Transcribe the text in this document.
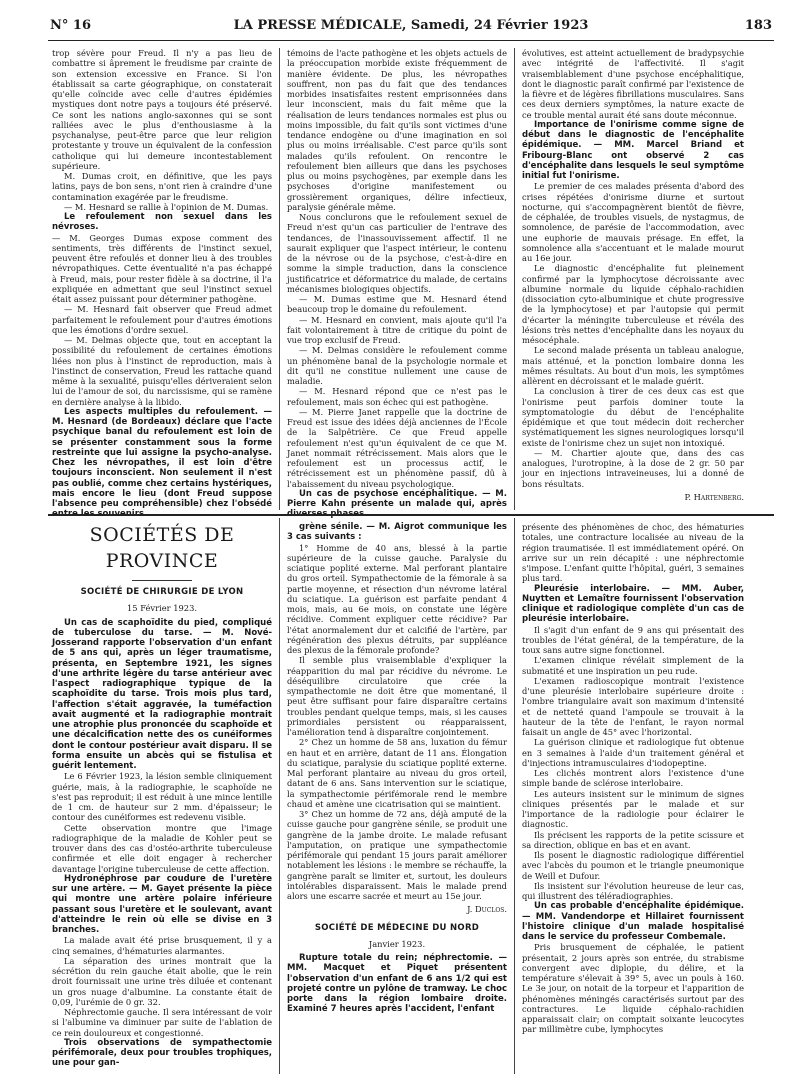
N° 16	LA PRESSE MÉDICALE, Samedi, 24 Février 1923	183

trop sévère pour Freud. Il n'y a pas lieu de combattre si âprement le freudisme par crainte de son extension excessive en France. Si l'on établissait sa carte géographique, on constaterait qu'elle coïncide avec celle d'autres épidémies mystiques dont notre pays a toujours été préservé. Ce sont les nations anglo-saxonnes qui se sont ralliées avec le plus d'enthousiasme à la psychanalyse, peut-être parce que leur religion protestante y trouve un équivalent de la confession catholique qui lui demeure incontestablement supérieure.

M. Dumas croit, en définitive, que les pays latins, pays de bon sens, n'ont rien à craindre d'une contamination exagérée par le freudisme.

— M. Hesnard se rallie à l'opinion de M. Dumas.

Le refoulement non sexuel dans les névroses.

— M. Georges Dumas expose comment des sentiments, très différents de l'instinct sexuel, peuvent être refoulés et donner lieu à des troubles névropathiques. Cette éventualité n'a pas échappé à Freud, mais, pour rester fidèle à sa doctrine, il l'a expliquée en admettant que seul l'instinct sexuel était assez puissant pour déterminer pathogène.

— M. Hesnard fait observer que Freud admet parfaitement le refoulement pour d'autres émotions que les émotions d'ordre sexuel.

— M. Delmas objecte que, tout en acceptant la possibilité du refoulement de certaines émotions liées non plus à l'instinct de reproduction, mais à l'instinct de conservation, Freud les rattache quand même à la sexualité, puisqu'elles dériveraient selon lui de l'amour de soi, du narcissisme, qui se ramène en dernière analyse à la libido.

Les aspects multiples du refoulement. — M. Hesnard (de Bordeaux) déclare que l'acte psychique banal du refoulement est loin de se présenter constamment sous la forme restreinte que lui assigne la psycho-analyse. Chez les névropathes, il est loin d'être toujours inconscient. Non seulement il n'est pas oublié, comme chez certains hystériques, mais encore le lieu (dont Freud suppose l'absence peu compréhensible) chez l'obsédé entre les souvenirs

témoins de l'acte pathogène et les objets actuels de la préoccupation morbide existe fréquemment de manière évidente. De plus, les névropathes souffrent, non pas du fait que des tendances morbides insatisfaites restent emprisonnées dans leur inconscient, mais du fait même que la réalisation de leurs tendances normales est plus ou moins impossible, du fait qu'ils sont victimes d'une tendance endogène ou d'une imagination en soi plus ou moins irréalisable. C'est parce qu'ils sont malades qu'ils refoulent. On rencontre le refoulement bien ailleurs que dans les psychoses plus ou moins psychogènes, par exemple dans les psychoses d'origine manifestement ou grossièrement organiques, délire infectieux, paralysie générale même.

Nous conclurons que le refoulement sexuel de Freud n'est qu'un cas particulier de l'entrave des tendances, de l'inassouvissement affectif. Il ne saurait expliquer que l'aspect intérieur, le contenu de la névrose ou de la psychose, c'est-à-dire en somme la simple traduction, dans la conscience justificatrice et déformatrice du malade, de certains mécanismes biologiques objectifs.

— M. Dumas estime que M. Hesnard étend beaucoup trop le domaine du refoulement.

— M. Hesnard en convient, mais ajoute qu'il l'a fait volontairement à titre de critique du point de vue trop exclusif de Freud.

— M. Delmas considère le refoulement comme un phénomène banal de la psychologie normale et dit qu'il ne constitue nullement une cause de maladie.

— M. Hesnard répond que ce n'est pas le refoulement, mais son échec qui est pathogène.

— M. Pierre Janet rappelle que la doctrine de Freud est issue des idées déjà anciennes de l'École de la Salpêtrière. Ce que Freud appelle refoulement n'est qu'un équivalent de ce que M. Janet nommait rétrécissement. Mais alors que le refoulement est un processus actif, le rétrécissement est un phénomène passif, dû à l'abaissement du niveau psychologique.

Un cas de psychose encéphalitique. — M. Pierre Kahn présente un malade qui, après diverses phases

évolutives, est atteint actuellement de bradypsychie avec intégrité de l'affectivité. Il s'agit vraisemblablement d'une psychose encéphalitique, dont le diagnostic paraît confirmé par l'existence de la fièvre et de légères fibrillations musculaires. Sans ces deux derniers symptômes, la nature exacte de ce trouble mental aurait été sans doute méconnue.

Importance de l'onirisme comme signe de début dans le diagnostic de l'encéphalite épidémique. — MM. Marcel Briand et Fribourg-Blanc ont observé 2 cas d'encéphalite dans lesquels le seul symptôme initial fut l'onirisme.

Le premier de ces malades présenta d'abord des crises répétées d'onirisme diurne et surtout nocturne, qui s'accompagnèrent bientôt de fièvre, de céphalée, de troubles visuels, de nystagmus, de somnolence, de parésie de l'accommodation, avec une euphorie de mauvais présage. En effet, la somnolence alla s'accentuant et le malade mourut au 16e jour.

Le diagnostic d'encéphalite fut pleinement confirmé par la lymphocytose décroissante avec albumine normale du liquide céphalo-rachidien (dissociation cyto-albuminique et chute progressive de la lymphocytose) et par l'autopsie qui permit d'écarter la méningite tuberculeuse et révéla des lésions très nettes d'encéphalite dans les noyaux du mésocéphale.

Le second malade présenta un tableau analogue, mais atténué, et la ponction lombaire donna les mêmes résultats. Au bout d'un mois, les symptômes allèrent en décroissant et le malade guérit.

La conclusion à tirer de ces deux cas est que l'onirisme peut parfois dominer toute la symptomatologie du début de l'encéphalite épidémique et que tout médecin doit rechercher systématiquement les signes neurologiques lorsqu'il existe de l'onirisme chez un sujet non intoxiqué.

— M. Chartier ajoute que, dans des cas analogues, l'urotropine, à la dose de 2 gr. 50 par jour en injections intraveineuses, lui a donné de bons résultats.

P. Hartenberg.

SOCIÉTÉS DE PROVINCE
SOCIÉTÉ DE CHIRURGIE DE LYON

15 Février 1923.

Un cas de scaphoïdite du pied, compliqué de tuberculose du tarse. — M. Nové-Josserand rapporte l'observation d'un enfant de 5 ans qui, après un léger traumatisme, présenta, en Septembre 1921, les signes d'une arthrite légère du tarse antérieur avec l'aspect radiographique typique de la scaphoïdite du tarse. Trois mois plus tard, l'affection s'était aggravée, la tuméfaction avait augmenté et la radiographie montrait une atrophie plus prononcée du scaphoïde et une décalcification nette des os cunéiformes dont le contour postérieur avait disparu. Il se forma ensuite un abcès qui se fistulisa et guérit lentement.

Le 6 Février 1923, la lésion semble cliniquement guérie, mais, à la radiographie, le scaphoïde ne s'est pas reproduit; il est réduit à une mince lentille de 1 cm. de hauteur sur 2 mm. d'épaisseur; le contour des cunéiformes est redevenu visible.

Cette observation montre que l'image radiographique de la maladie de Kohler peut se trouver dans des cas d'ostéo-arthrite tuberculeuse confirmée et elle doit engager à rechercher davantage l'origine tuberculeuse de cette affection.

Hydronéphrose par coudure de l'uretère sur une artère. — M. Gayet présente la pièce qui montre une artère polaire inférieure passant sous l'uretère et le soulevant, avant d'atteindre le rein où elle se divise en 3 branches.

La malade avait été prise brusquement, il y a cinq semaines, d'hématuries alarmantes.

La séparation des urines montrait que la sécrétion du rein gauche était abolie, que le rein droit fournissait une urine très diluée et contenant un gros nuage d'albumine. La constante était de 0,09, l'urémie de 0 gr. 32.

Néphrectomie gauche. Il sera intéressant de voir si l'albumine va diminuer par suite de l'ablation de ce rein douloureux et congestionné.

Trois observations de sympathectomie périfémorale, deux pour troubles trophiques, une pour gan-

grène sénile. — M. Aigrot communique les 3 cas suivants :

1° Homme de 40 ans, blessé à la partie supérieure de la cuisse gauche. Paralysie du sciatique poplité externe. Mal perforant plantaire du gros orteil. Sympathectomie de la fémorale à sa partie moyenne, et résection d'un névrome latéral du sciatique. La guérison est parfaite pendant 4 mois, mais, au 6e mois, on constate une légère récidive. Comment expliquer cette récidive? Par l'état anormalement dur et calcifié de l'artère, par régénération des plexus détruits, par suppléance des plexus de la fémorale profonde?

Il semble plus vraisemblable d'expliquer la réapparition du mal par récidive du névrome. Le déséquilibre circulatoire que crée la sympathectomie ne doit être que momentané, il peut être suffisant pour faire disparaître certains troubles pendant quelque temps, mais, si les causes primordiales persistent ou réapparaissent, l'amélioration tend à disparaître conjointement.

2° Chez un homme de 58 ans, luxation du fémur en haut et en arrière, datant de 11 ans. Élongation du sciatique, paralysie du sciatique poplité externe. Mal perforant plantaire au niveau du gros orteil, datant de 6 ans. Sans intervention sur le sciatique, la sympathectomie périfémorale rend le membre chaud et amène une cicatrisation qui se maintient.

3° Chez un homme de 72 ans, déjà amputé de la cuisse gauche pour gangrène sénile, se produit une gangrène de la jambe droite. Le malade refusant l'amputation, on pratique une sympathectomie périfémorale qui pendant 15 jours parait améliorer notablement les lésions : le membre se réchauffe, la gangrène paraît se limiter et, surtout, les douleurs intolérables disparaissent. Mais le malade prend alors une escarre sacrée et meurt au 15e jour.

J. Duclos.

SOCIÉTÉ DE MÉDECINE DU NORD

Janvier 1923.

Rupture totale du rein; néphrectomie. — MM. Macquet et Piquet présentent l'observation d'un enfant de 6 ans 1/2 qui est projeté contre un pylône de tramway. Le choc porte dans la région lombaire droite. Examiné 7 heures après l'accident, l'enfant

présente des phénomènes de choc, des hématuries totales, une contracture localisée au niveau de la région traumatisée. Il est immédiatement opéré. On arrive sur un rein décapité : une néphrectomie s'impose. L'enfant quitte l'hôpital, guéri, 3 semaines plus tard.

Pleurésie interlobaire. — MM. Auber, Nuytten et Lemaître fournissent l'observation clinique et radiologique complète d'un cas de pleurésie interlobaire.

Il s'agit d'un enfant de 9 ans qui présentait des troubles de l'état général, de la température, de la toux sans autre signe fonctionnel.

L'examen clinique révélait simplement de la submatité et une inspiration un peu rude.

L'examen radioscopique montrait l'existence d'une pleurésie interlobaire supérieure droite : l'ombre triangulaire avait son maximum d'intensité et de netteté quand l'ampoule se trouvait à la hauteur de la tête de l'enfant, le rayon normal faisait un angle de 45° avec l'horizontal.

La guérison clinique et radiologique fut obtenue en 3 semaines à l'aide d'un traitement général et d'injections intramusculaires d'iodopeptine.

Les clichés montrent alors l'existence d'une simple bande de sclérose interlobaire.

Les auteurs insistent sur le minimum de signes cliniques présentés par le malade et sur l'importance de la radiologie pour éclairer le diagnostic.

Ils précisent les rapports de la petite scissure et sa direction, oblique en bas et en avant.

Ils posent le diagnostic radiologique différentiel avec l'abcès du poumon et le triangle pneumonique de Weill et Dufour.

Ils insistent sur l'évolution heureuse de leur cas, qui illustrent des téléradiographies.

Un cas probable d'encéphalite épidémique. — MM. Vandendorpe et Hillairet fournissent l'histoire clinique d'un malade hospitalisé dans le service du professeur Combemale.

Pris brusquement de céphalée, le patient présentait, 2 jours après son entrée, du strabisme convergent avec diplopie, du délire, et la température s'élevait à 39° 5, avec un pouls à 160. Le 3e jour, on notait de la torpeur et l'apparition de phénomènes méningés caractérisés surtout par des contractures. Le liquide céphalo-rachidien apparaissait clair; on comptait soixante leucocytes par millimètre cube, lymphocytes
